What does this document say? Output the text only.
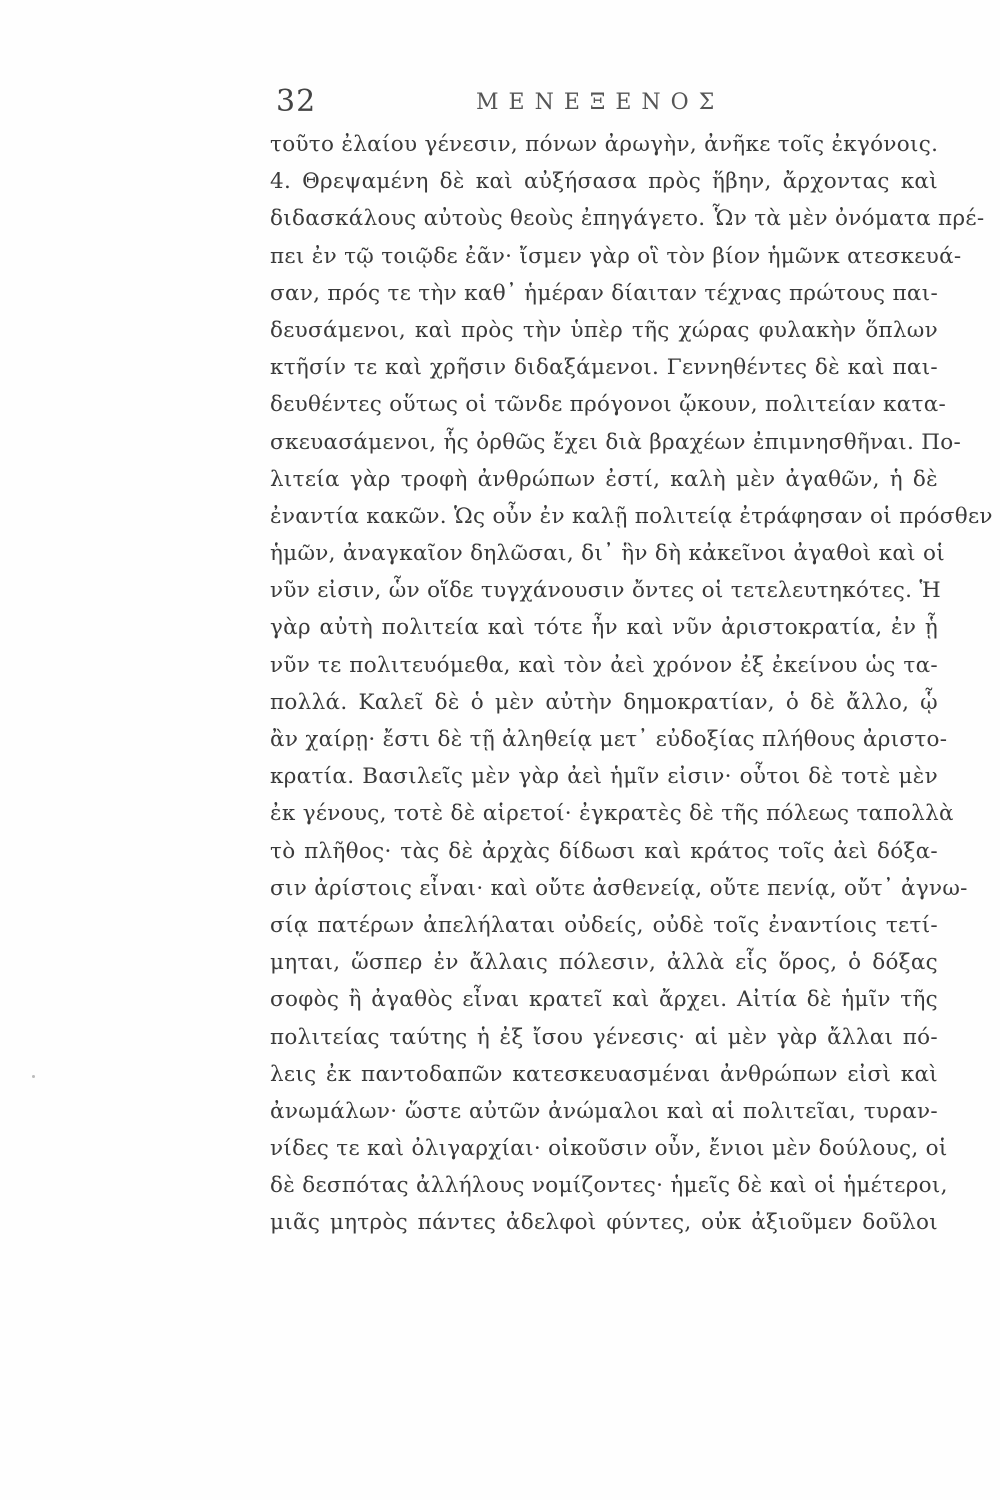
32	ΜΕΝΕΞΕΝΟΣ
τοῦτο ἐλαίου γένεσιν, πόνων ἀρωγὴν, ἀνῆκε τοῖς ἐκγόνοις.
4. Θρεψαμένη δὲ καὶ αὐξήσασα πρὸς ἥβην, ἄρχοντας καὶ
διδασκάλους αὐτοὺς θεοὺς ἐπηγάγετο. Ὧν τὰ μὲν ὀνόματα πρέ-
πει ἐν τῷ τοιῷδε ἐᾶν· ἴσμεν γὰρ οἳ τὸν βίον ἡμῶνκ ατεσκευά-
σαν, πρός τε τὴν καθ᾽ ἡμέραν δίαιταν τέχνας πρώτους παι-
δευσάμενοι, καὶ πρὸς τὴν ὑπὲρ τῆς χώρας φυλακὴν ὅπλων
κτῆσίν τε καὶ χρῆσιν διδαξάμενοι. Γεννηθέντες δὲ καὶ παι-
δευθέντες οὕτως οἱ τῶνδε πρόγονοι ᾤκουν, πολιτείαν κατα-
σκευασάμενοι, ἧς ὀρθῶς ἔχει διὰ βραχέων ἐπιμνησθῆναι. Πο-
λιτεία γὰρ τροφὴ ἀνθρώπων ἐστί, καλὴ μὲν ἀγαθῶν, ἡ δὲ
ἐναντία κακῶν. Ὡς οὖν ἐν καλῇ πολιτείᾳ ἐτράφησαν οἱ πρόσθεν
ἡμῶν, ἀναγκαῖον δηλῶσαι, δι᾽ ἣν δὴ κἀκεῖνοι ἀγαθοὶ καὶ οἱ
νῦν εἰσιν, ὧν οἵδε τυγχάνουσιν ὄντες οἱ τετελευτηκότες. Ἡ
γὰρ αὐτὴ πολιτεία καὶ τότε ἦν καὶ νῦν ἀριστοκρατία, ἐν ᾗ
νῦν τε πολιτευόμεθα, καὶ τὸν ἀεὶ χρόνον ἐξ ἐκείνου ὡς τα-
πολλά. Καλεῖ δὲ ὁ μὲν αὐτὴν δημοκρατίαν, ὁ δὲ ἄλλο, ᾧ
ἂν χαίρῃ· ἔστι δὲ τῇ ἀληθείᾳ μετ᾽ εὐδοξίας πλήθους ἀριστο-
κρατία. Βασιλεῖς μὲν γὰρ ἀεὶ ἡμῖν εἰσιν· οὗτοι δὲ τοτὲ μὲν
ἐκ γένους, τοτὲ δὲ αἱρετοί· ἐγκρατὲς δὲ τῆς πόλεως ταπολλὰ
τὸ πλῆθος· τὰς δὲ ἀρχὰς δίδωσι καὶ κράτος τοῖς ἀεὶ δόξα-
σιν ἀρίστοις εἶναι· καὶ οὔτε ἀσθενείᾳ, οὔτε πενίᾳ, οὔτ᾽ ἀγνω-
σίᾳ πατέρων ἀπελήλαται οὐδείς, οὐδὲ τοῖς ἐναντίοις τετί-
μηται, ὥσπερ ἐν ἄλλαις πόλεσιν, ἀλλὰ εἷς ὅρος, ὁ δόξας
σοφὸς ἢ ἀγαθὸς εἶναι κρατεῖ καὶ ἄρχει. Αἰτία δὲ ἡμῖν τῆς
πολιτείας ταύτης ἡ ἐξ ἴσου γένεσις· αἱ μὲν γὰρ ἄλλαι πό-
λεις ἐκ παντοδαπῶν κατεσκευασμέναι ἀνθρώπων εἰσὶ καὶ
ἀνωμάλων· ὥστε αὐτῶν ἀνώμαλοι καὶ αἱ πολιτεῖαι, τυραν-
νίδες τε καὶ ὀλιγαρχίαι· οἰκοῦσιν οὖν, ἔνιοι μὲν δούλους, οἱ
δὲ δεσπότας ἀλλήλους νομίζοντες· ἡμεῖς δὲ καὶ οἱ ἡμέτεροι,
μιᾶς μητρὸς πάντες ἀδελφοὶ φύντες, οὐκ ἀξιοῦμεν δοῦλοι
